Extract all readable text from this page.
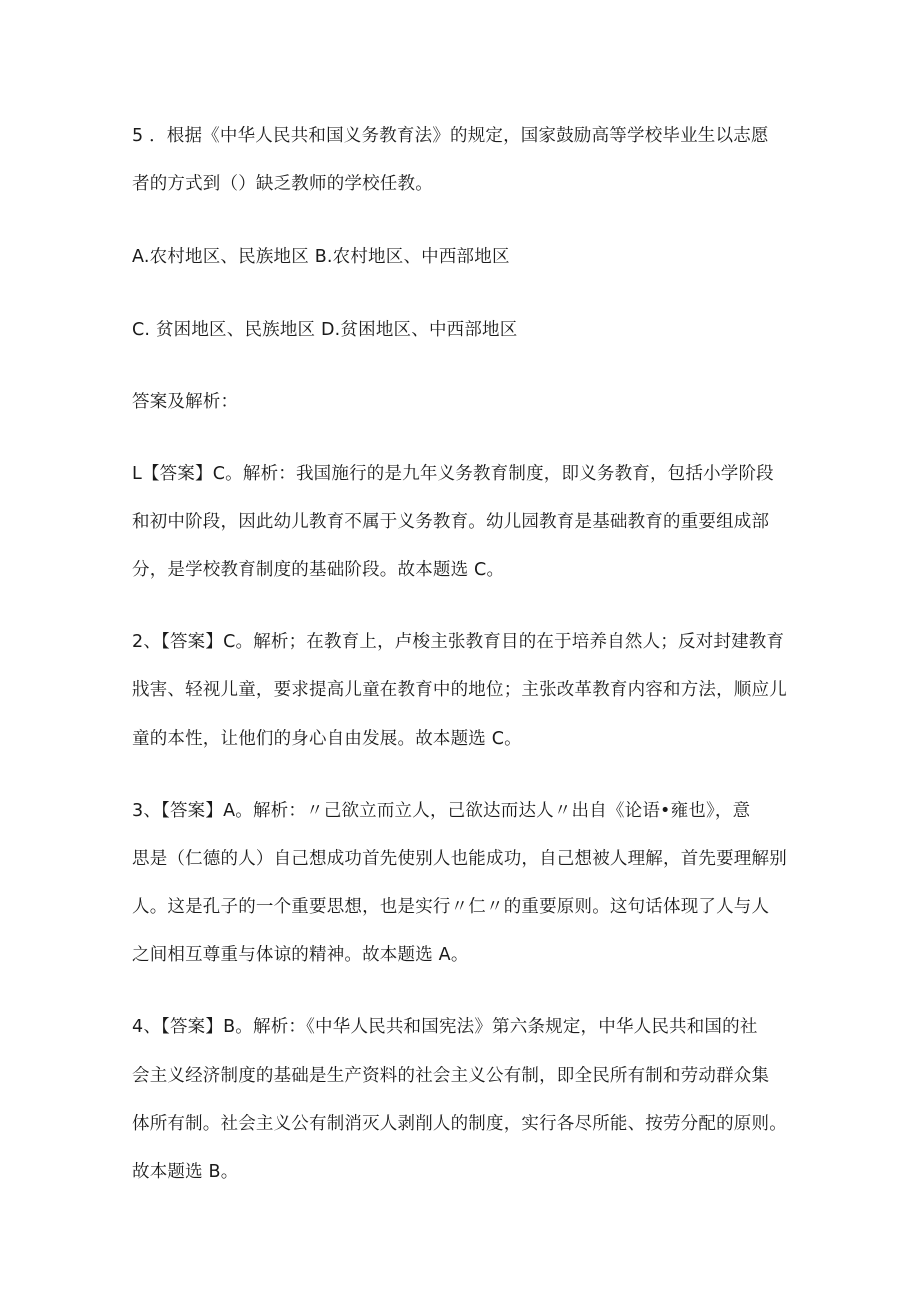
5 ．根据《中华人民共和国义务教育法》的规定，国家鼓励高等学校毕业生以志愿
者的方式到（）缺乏教师的学校任教。
A.农村地区、民族地区 B.农村地区、中西部地区
C. 贫困地区、民族地区 D.贫困地区、中西部地区
答案及解析：
L【答案】C。解析：我国施行的是九年义务教育制度，即义务教育，包括小学阶段
和初中阶段，因此幼儿教育不属于义务教育。幼儿园教育是基础教育的重要组成部
分，是学校教育制度的基础阶段。故本题选 C。
2、【答案】C。解析；在教育上，卢梭主张教育目的在于培养自然人；反对封建教育
戕害、轻视儿童，要求提高儿童在教育中的地位；主张改革教育内容和方法，顺应儿
童的本性，让他们的身心自由发展。故本题选 C。
3、【答案】A。解析：〃己欲立而立人，己欲达而达人〃出自《论语•雍也》，意
思是（仁德的人）自己想成功首先使别人也能成功，自己想被人理解，首先要理解别
人。这是孔子的一个重要思想，也是实行〃仁〃的重要原则。这句话体现了人与人
之间相互尊重与体谅的精神。故本题选 A。
4、【答案】B。解析：《中华人民共和国宪法》第六条规定，中华人民共和国的社
会主义经济制度的基础是生产资料的社会主义公有制，即全民所有制和劳动群众集
体所有制。社会主义公有制消灭人剥削人的制度，实行各尽所能、按劳分配的原则。
故本题选 B。
